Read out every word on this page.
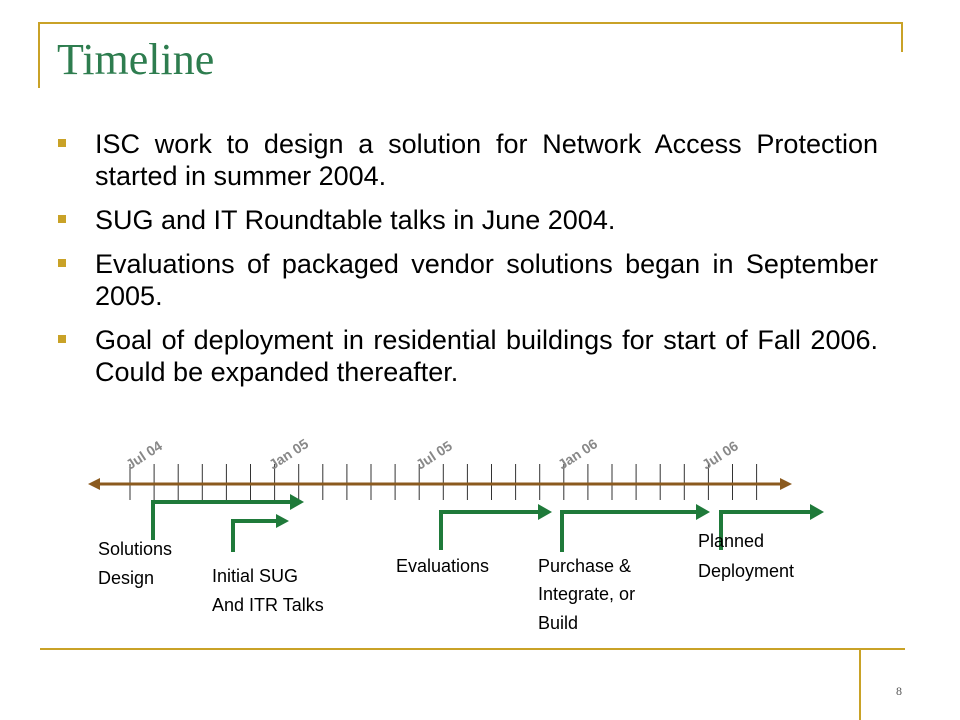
Timeline
ISC work to design a solution for Network Access Protection started in summer 2004.
SUG and IT Roundtable talks in June 2004.
Evaluations of packaged vendor solutions began in September 2005.
Goal of deployment in residential buildings for start of Fall 2006. Could be expanded thereafter.
Jul 04	Jan 05	Jul 05	Jan 06	Jul 06
Solutions
Design	Initial SUG
And ITR Talks
Evaluations	Purchase &
Integrate, or
Build
Planned
Deployment
8
